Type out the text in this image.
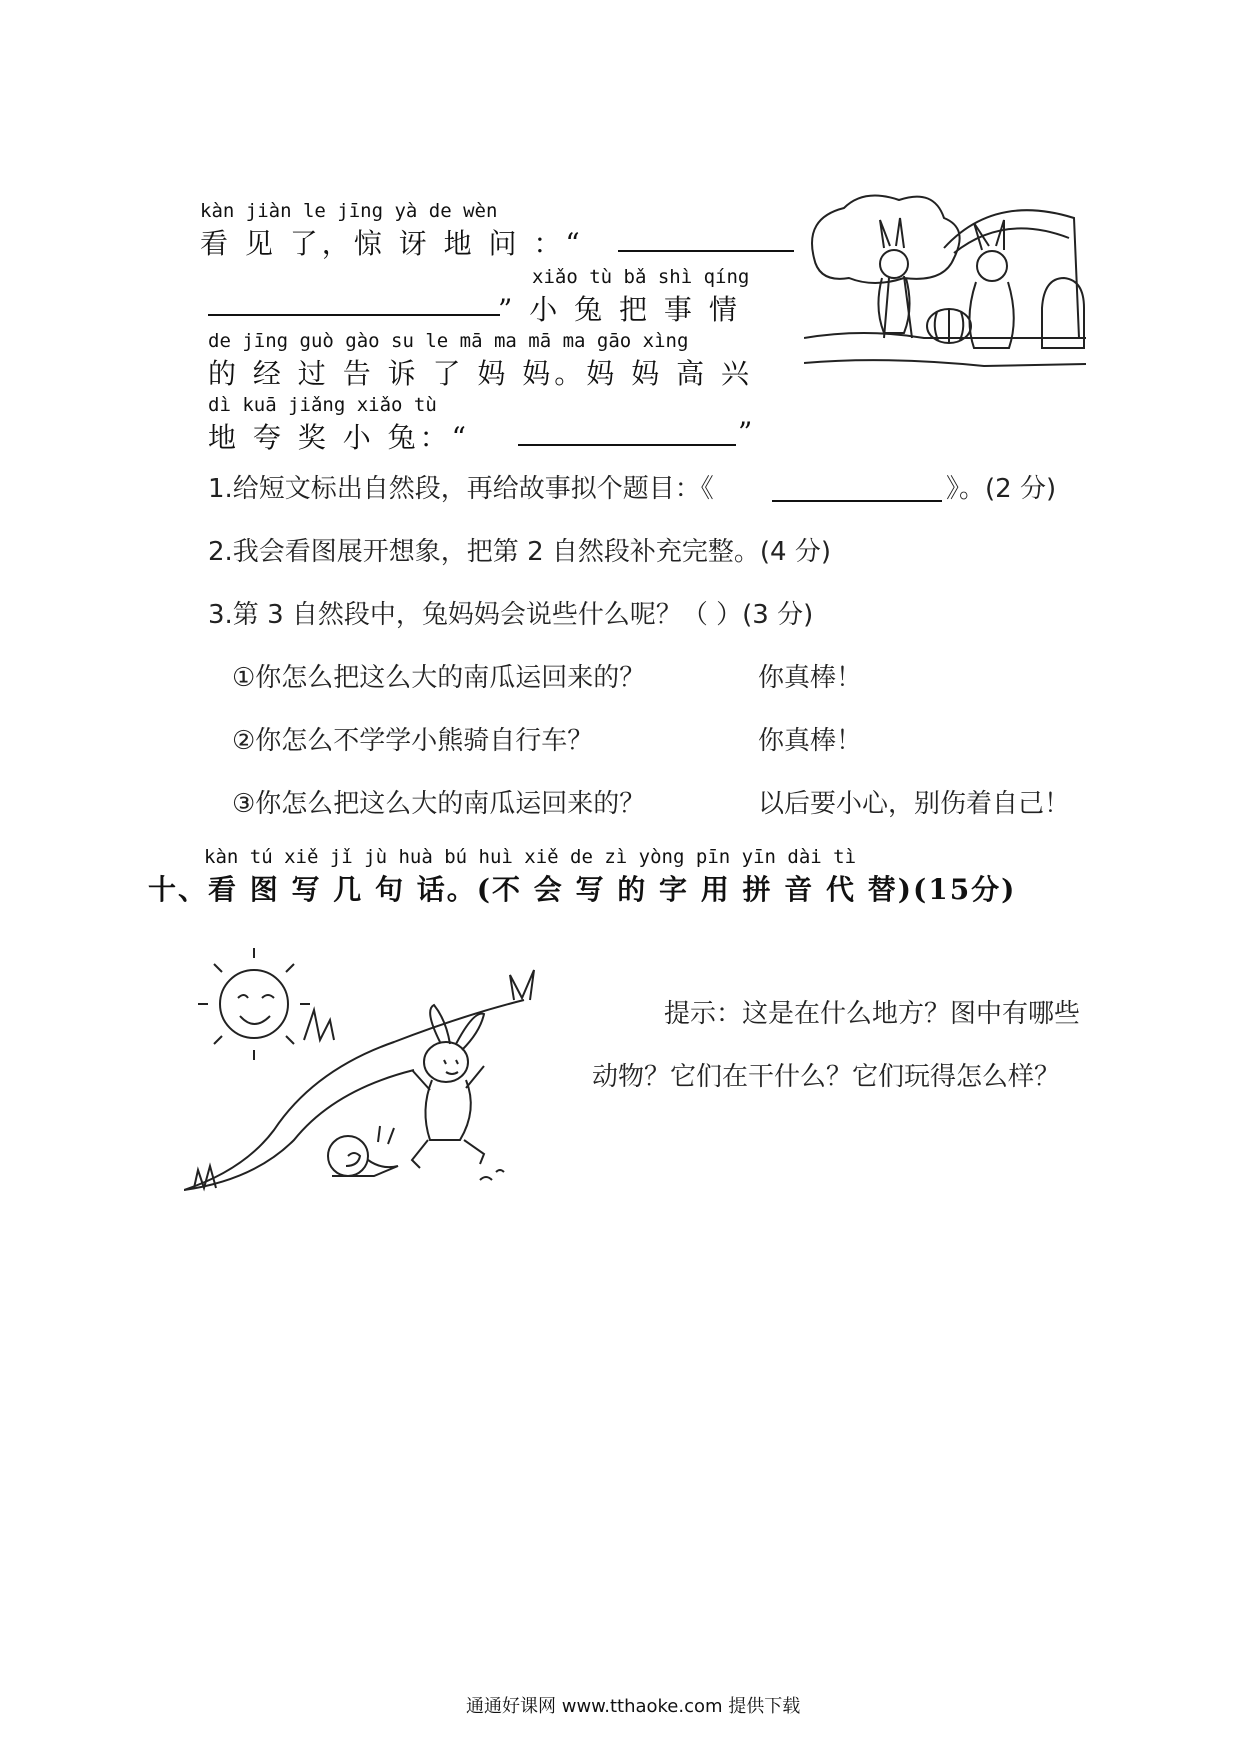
kàn jiàn le jīng yà de wèn
看 见 了，惊 讶 地 问 ：“
xiǎo tù bǎ shì qíng
” 小 兔 把 事 情
de jīng guò gào su le mā ma mā ma gāo xìng
的 经 过 告 诉 了 妈 妈。妈 妈 高 兴
dì kuā jiǎng xiǎo tù
地 夸 奖 小 兔：“	”
1.给短文标出自然段，再给故事拟个题目：《	》。(2 分)
2.我会看图展开想象，把第 2 自然段补充完整。(4 分)
3.第 3 自然段中，兔妈妈会说些什么呢？（ ）(3 分)
①你怎么把这么大的南瓜运回来的？	你真棒！
②你怎么不学学小熊骑自行车？	你真棒！
③你怎么把这么大的南瓜运回来的？	以后要小心，别伤着自己！
kàn tú xiě jǐ jù huà bú huì xiě de zì yòng pīn yīn dài tì
十、看 图 写 几 句 话。(不 会 写 的 字 用 拼 音 代 替)(15分)
提示：这是在什么地方？图中有哪些
动物？它们在干什么？它们玩得怎么样？
通通好课网 www.tthaoke.com 提供下载
